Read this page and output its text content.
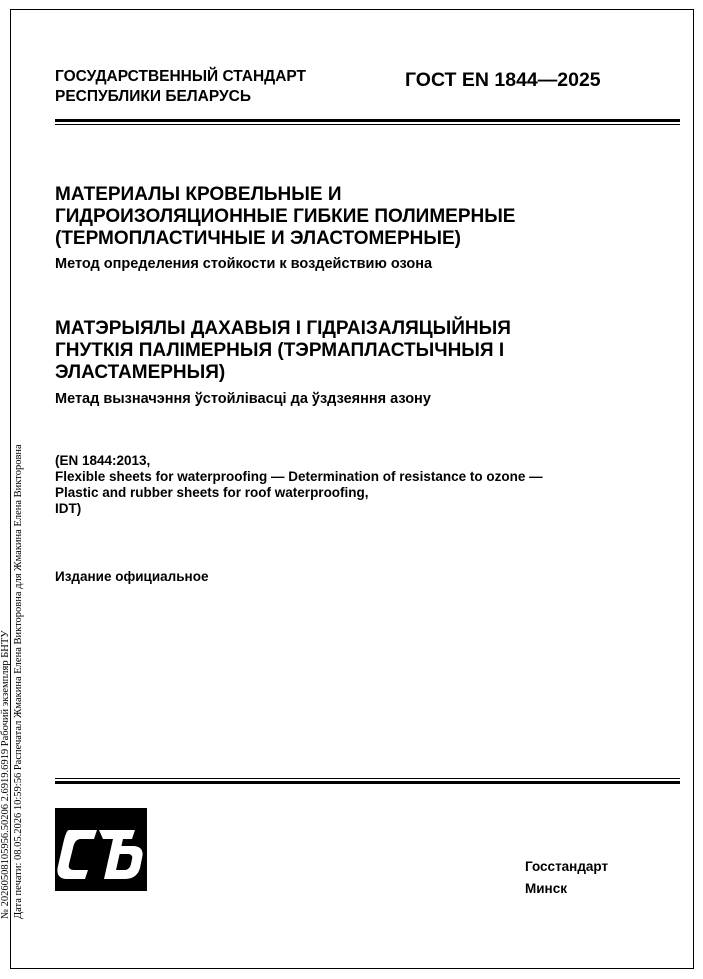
ГОСУДАРСТВЕННЫЙ СТАНДАРТ
РЕСПУБЛИКИ БЕЛАРУСЬ
ГОСТ EN 1844—2025
МАТЕРИАЛЫ КРОВЕЛЬНЫЕ И
ГИДРОИЗОЛЯЦИОННЫЕ ГИБКИЕ ПОЛИМЕРНЫЕ
(ТЕРМОПЛАСТИЧНЫЕ И ЭЛАСТОМЕРНЫЕ)
Метод определения стойкости к воздействию озона
МАТЭРЫЯЛЫ ДАХАВЫЯ І ГІДРАІЗАЛЯЦЫЙНЫЯ
ГНУТКІЯ ПАЛІМЕРНЫЯ (ТЭРМАПЛАСТЫЧНЫЯ І
ЭЛАСТАМЕРНЫЯ)
Метад вызначэння ўстойлівасці да ўздзеяння азону
(EN 1844:2013,
Flexible sheets for waterproofing — Determination of resistance to ozone —
Plastic and rubber sheets for roof waterproofing,
IDT)
Издание официальное
№ 20260508105956.50206 2.6919.6919 Рабочий экземпляр БНТУ Дата печати: 08.05.2026 10:59:56 Распечатал Жмакина Елена Викторовна для Жмакина Елена Викторовна	Госстандарт
Минск
